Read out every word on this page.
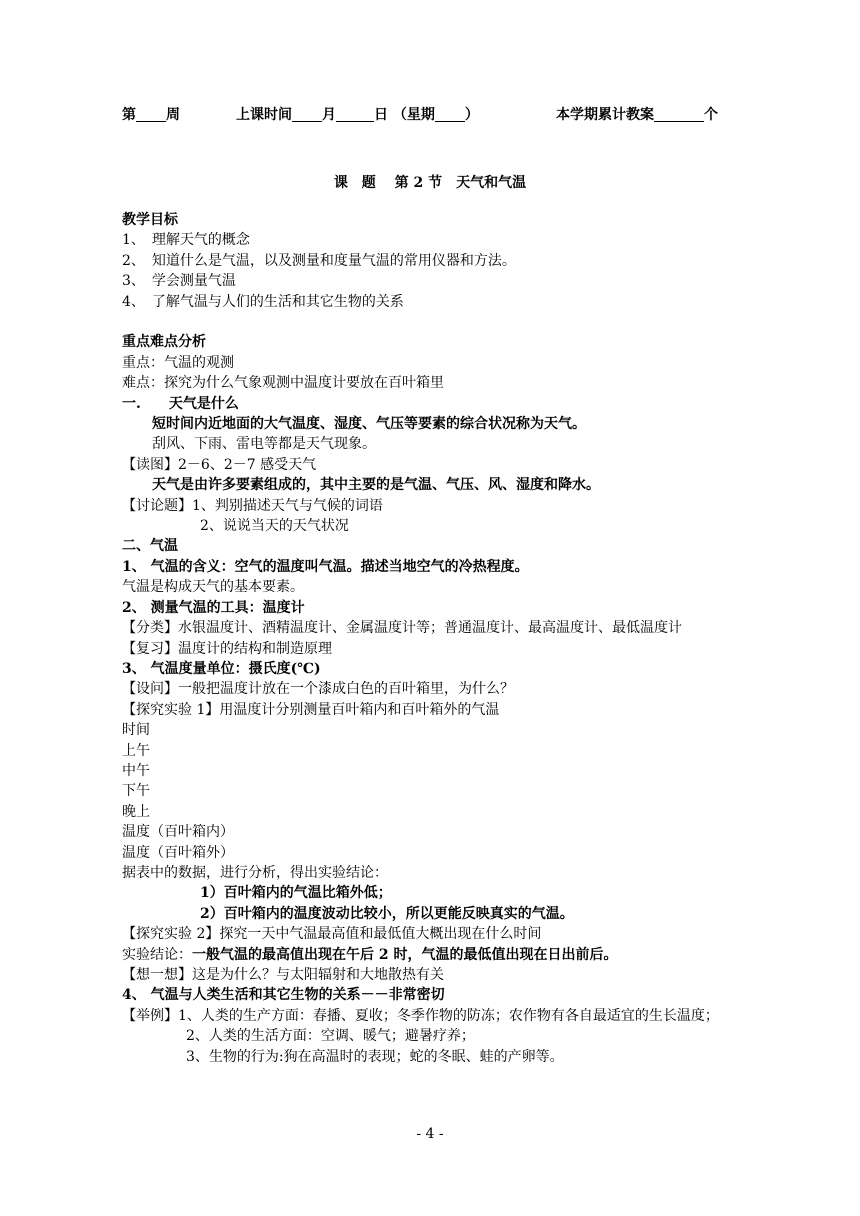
第 周	上课时间 月	日 （星期 ）	本学期累计教案	个
课　题　 第 2 节　天气和气温
教学目标
1、　理解天气的概念
2、　知道什么是气温，以及测量和度量气温的常用仪器和方法。
3、　学会测量气温
4、　了解气温与人们的生活和其它生物的关系
重点难点分析
重点：气温的观测
难点：探究为什么气象观测中温度计要放在百叶箱里
一.　　天气是什么
短时间内近地面的大气温度、湿度、气压等要素的综合状况称为天气。
刮风、下雨、雷电等都是天气现象。
【读图】2－6、2－7 感受天气
天气是由许多要素组成的，其中主要的是气温、气压、风、湿度和降水。
【讨论题】1、判别描述天气与气候的词语
2、说说当天的天气状况
二、气温
1、 气温的含义：空气的温度叫气温。描述当地空气的冷热程度。
气温是构成天气的基本要素。
2、 测量气温的工具：温度计
【分类】水银温度计、酒精温度计、金属温度计等；普通温度计、最高温度计、最低温度计
【复习】温度计的结构和制造原理
3、 气温度量单位：摄氏度(℃)
【设问】一般把温度计放在一个漆成白色的百叶箱里，为什么？
【探究实验 1】用温度计分别测量百叶箱内和百叶箱外的气温
时间
上午
中午
下午
晚上
温度（百叶箱内）
温度（百叶箱外）
据表中的数据，进行分析，得出实验结论：
1）百叶箱内的气温比箱外低；
2）百叶箱内的温度波动比较小，所以更能反映真实的气温。
【探究实验 2】探究一天中气温最高值和最低值大概出现在什么时间
实验结论：一般气温的最高值出现在午后 2 时，气温的最低值出现在日出前后。
【想一想】这是为什么？与太阳辐射和大地散热有关
4、 气温与人类生活和其它生物的关系－－非常密切
【举例】1、人类的生产方面：春播、夏收；冬季作物的防冻；农作物有各自最适宜的生长温度；
2、人类的生活方面：空调、暖气；避暑疗养；
3、生物的行为:狗在高温时的表现；蛇的冬眠、蛙的产卵等。
- 4 -
